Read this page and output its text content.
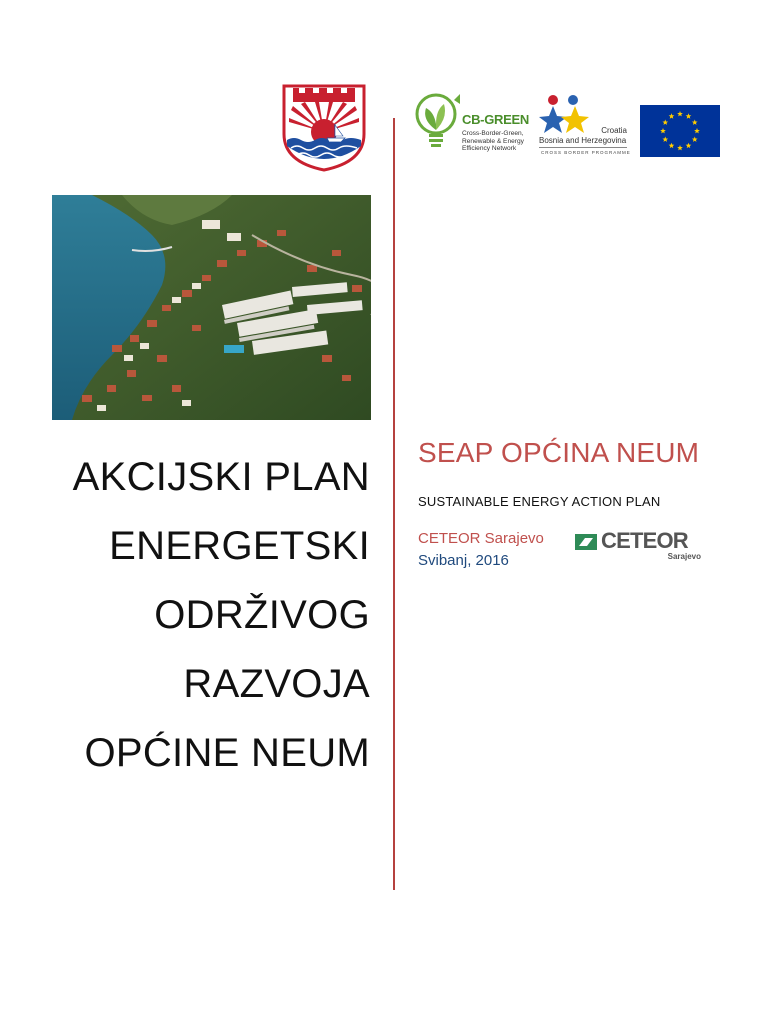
CB-GREEN
Cross-Border-Green,
Renewable & Energy
Efficiency Network
Croatia
Bosnia and Herzegovina
CROSS BORDER PROGRAMME
AKCIJSKI PLAN
ENERGETSKI
ODRŽIVOG
RAZVOJA
OPĆINE NEUM
SEAP OPĆINA NEUM
SUSTAINABLE ENERGY ACTION PLAN
CETEOR Sarajevo
Svibanj, 2016
CETEOR
Sarajevo
